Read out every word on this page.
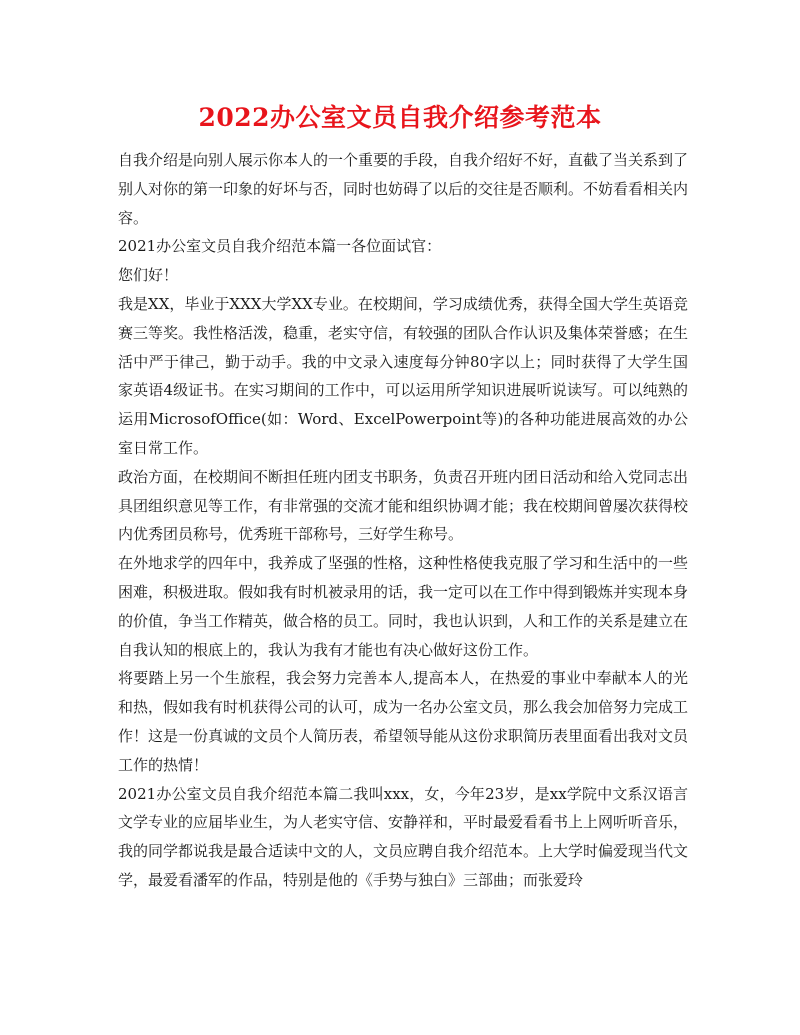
2022办公室文员自我介绍参考范本

自我介绍是向别人展示你本人的一个重要的手段，自我介绍好不好，直截了当关系到了别人对你的第一印象的好坏与否，同时也妨碍了以后的交往是否顺利。不妨看看相关内容。

2021办公室文员自我介绍范本篇一各位面试官：

您们好！

我是XX，毕业于XXX大学XX专业。在校期间，学习成绩优秀，获得全国大学生英语竞赛三等奖。我性格活泼，稳重，老实守信，有较强的团队合作认识及集体荣誉感；在生活中严于律己，勤于动手。我的中文录入速度每分钟80字以上；同时获得了大学生国家英语4级证书。在实习期间的工作中，可以运用所学知识进展听说读写。可以纯熟的运用MicrosofOffice(如：Word、ExcelPowerpoint等)的各种功能进展高效的办公室日常工作。

政治方面，在校期间不断担任班内团支书职务，负责召开班内团日活动和给入党同志出具团组织意见等工作，有非常强的交流才能和组织协调才能；我在校期间曾屡次获得校内优秀团员称号，优秀班干部称号，三好学生称号。

在外地求学的四年中，我养成了坚强的性格，这种性格使我克服了学习和生活中的一些困难，积极进取。假如我有时机被录用的话，我一定可以在工作中得到锻炼并实现本身的价值，争当工作精英，做合格的员工。同时，我也认识到，人和工作的关系是建立在自我认知的根底上的，我认为我有才能也有决心做好这份工作。

将要踏上另一个生旅程，我会努力完善本人,提高本人，在热爱的事业中奉献本人的光和热，假如我有时机获得公司的认可，成为一名办公室文员，那么我会加倍努力完成工作！这是一份真诚的文员个人简历表，希望领导能从这份求职简历表里面看出我对文员工作的热情！

2021办公室文员自我介绍范本篇二我叫xxx，女，今年23岁，是xx学院中文系汉语言文学专业的应届毕业生，为人老实守信、安静祥和，平时最爱看看书上上网听听音乐，我的同学都说我是最合适读中文的人，文员应聘自我介绍范本。上大学时偏爱现当代文学，最爱看潘军的作品，特别是他的《手势与独白》三部曲；而张爱玲
